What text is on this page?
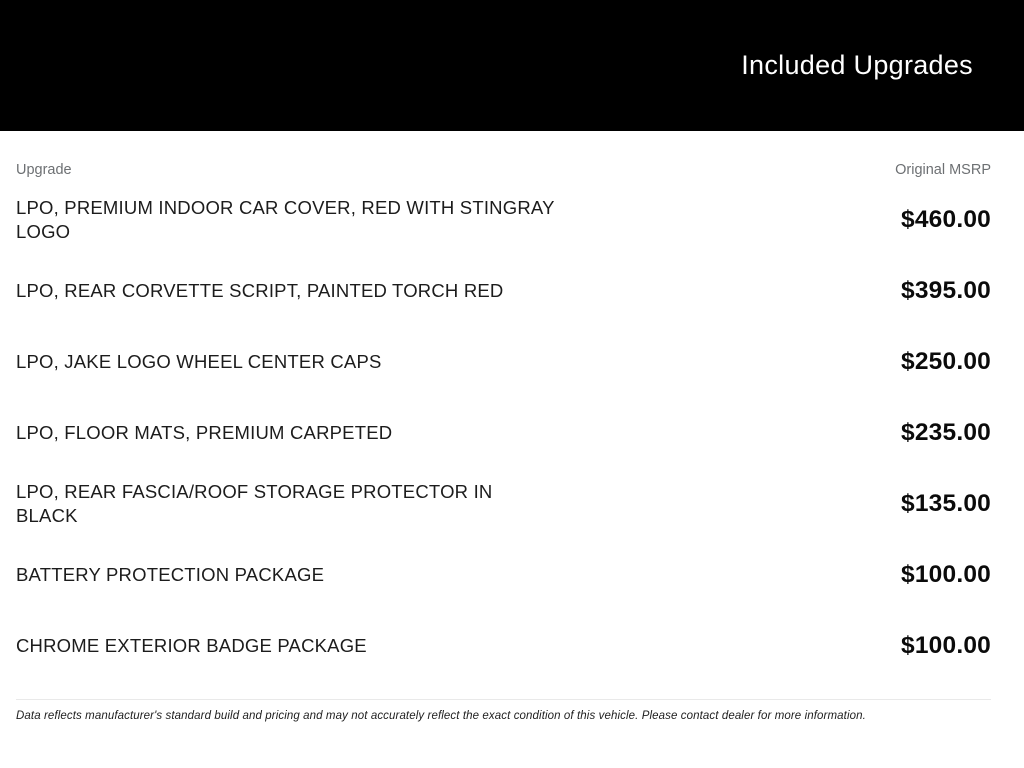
Included Upgrades
Upgrade	Original MSRP
LPO, PREMIUM INDOOR CAR COVER, RED WITH STINGRAY LOGO	$460.00
LPO, REAR CORVETTE SCRIPT, PAINTED TORCH RED	$395.00
LPO, JAKE LOGO WHEEL CENTER CAPS	$250.00
LPO, FLOOR MATS, PREMIUM CARPETED	$235.00
LPO, REAR FASCIA/ROOF STORAGE PROTECTOR IN BLACK	$135.00
BATTERY PROTECTION PACKAGE	$100.00
CHROME EXTERIOR BADGE PACKAGE	$100.00
Data reflects manufacturer's standard build and pricing and may not accurately reflect the exact condition of this vehicle. Please contact dealer for more information.
